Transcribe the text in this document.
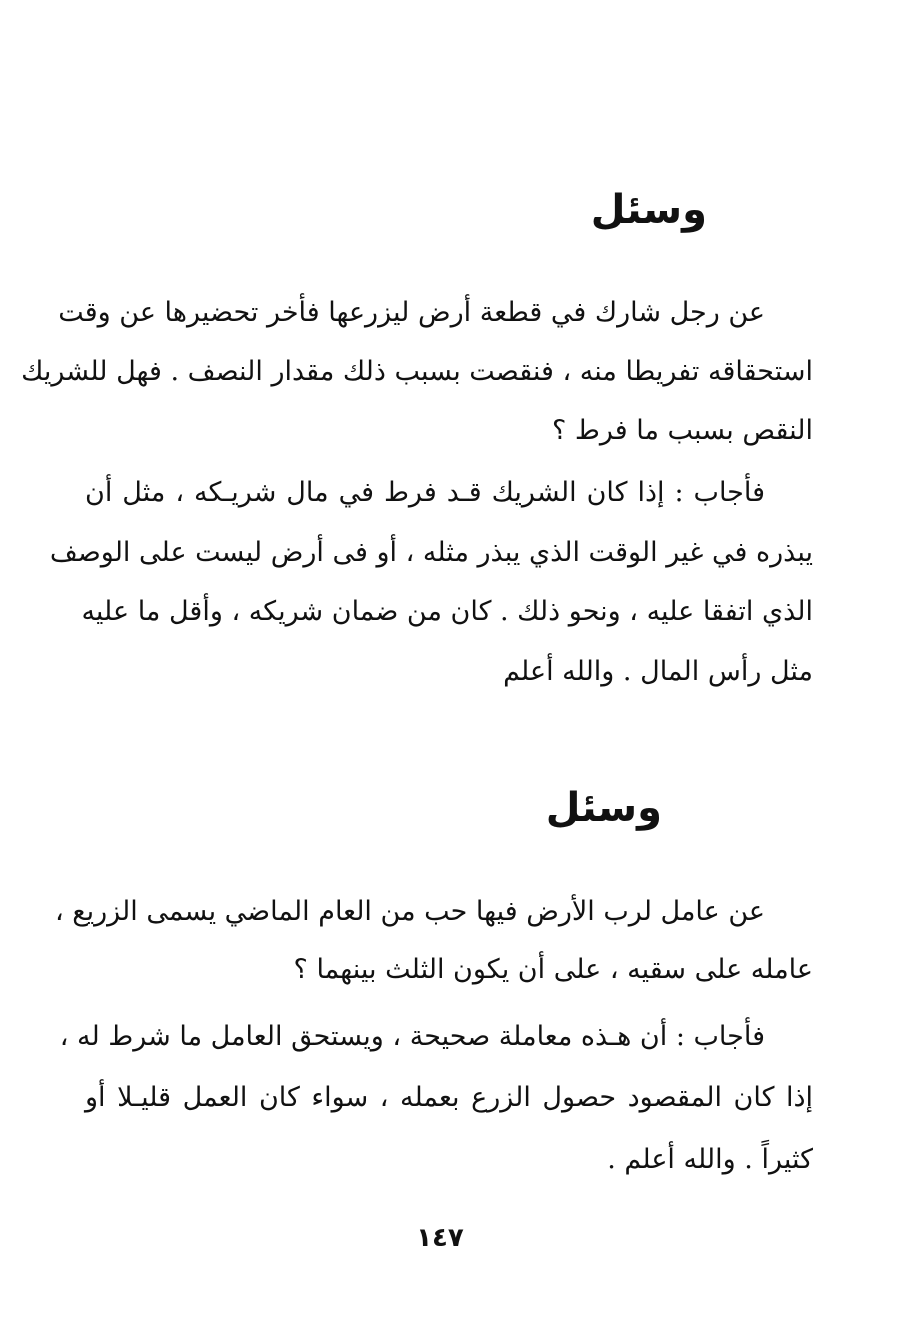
وسئل
عن رجل شارك في قطعة أرض ليزرعها فأخر تحضيرها عن وقت
استحقاقه تفريطا منه ، فنقصت بسبب ذلك مقدار النصف . فهل للشريك
النقص بسبب ما فرط ؟
فأجاب : إذا كان الشريك قـد فرط في مال شريـكه ، مثل أن
يبذره في غير الوقت الذي يبذر مثله ، أو فى أرض ليست على الوصف
الذي اتفقا عليه ، ونحو ذلك . كان من ضمان شريكه ، وأقل ما عليه
مثل رأس المال . والله أعلم
وسئل
عن عامل لرب الأرض فيها حب من العام الماضي يسمى الزريع ،
عامله على سقيه ، على أن يكون الثلث بينهما ؟
فأجاب : أن هـذه معاملة صحيحة ، ويستحق العامل ما شرط له ،
إذا كان المقصود حصول الزرع بعمله ، سواء كان العمل قليـلا أو
كثيراً . والله أعلم .
١٤٧
